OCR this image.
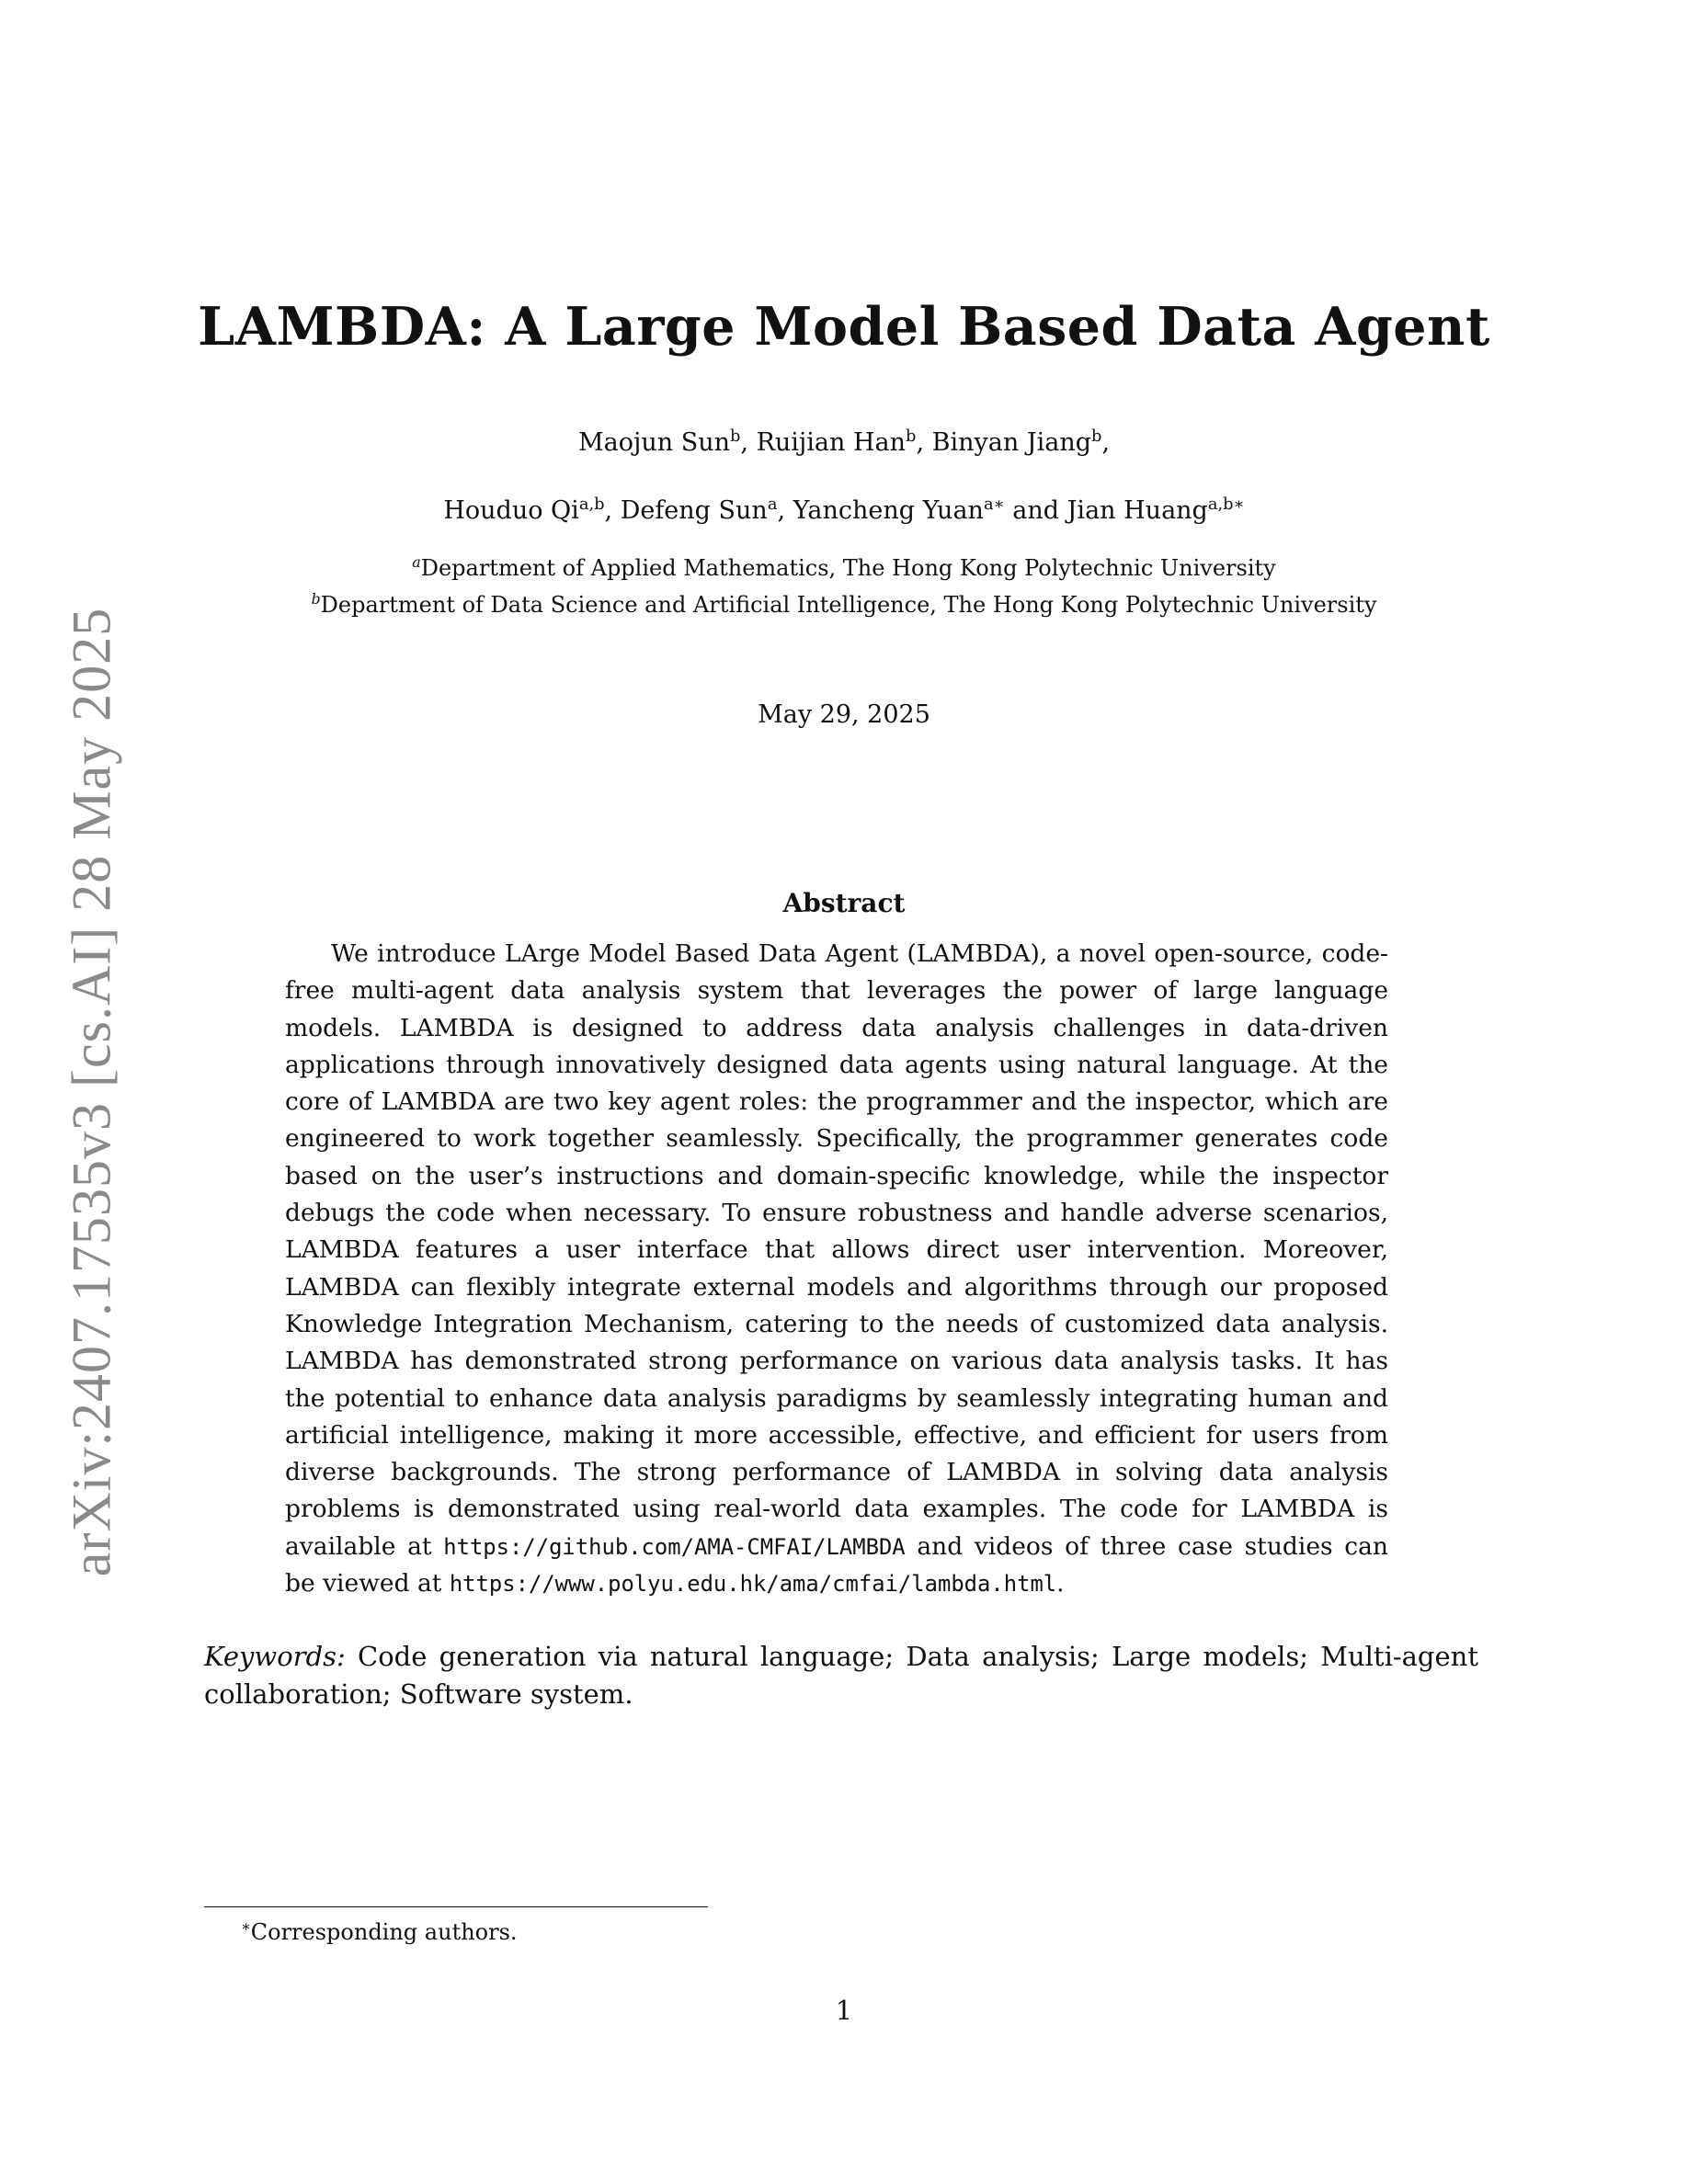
arXiv:2407.17535v3 [cs.AI] 28 May 2025
LAMBDA: A Large Model Based Data Agent
Maojun Sun$^b$, Ruijian Han$^b$, Binyan Jiang$^b$,
Houduo Qi$^{a,b}$, Defeng Sun$^a$, Yancheng Yuan$^{a∗}$ and Jian Huang$^{a,b∗}$
$^a$Department of Applied Mathematics, The Hong Kong Polytechnic University
$^b$Department of Data Science and Artificial Intelligence, The Hong Kong Polytechnic University
May 29, 2025
Abstract
We introduce LArge Model Based Data Agent (LAMBDA), a novel open-source, code-free multi-agent data analysis system that leverages the power of large language models. LAMBDA is designed to address data analysis challenges in data-driven applications through innovatively designed data agents using natural language. At the core of LAMBDA are two key agent roles: the programmer and the inspector, which are engineered to work together seamlessly. Specifically, the programmer generates code based on the user’s instructions and domain-specific knowledge, while the inspector debugs the code when necessary. To ensure robustness and handle adverse scenarios, LAMBDA features a user interface that allows direct user intervention. Moreover, LAMBDA can flexibly integrate external models and algorithms through our proposed Knowledge Integration Mechanism, catering to the needs of customized data analysis. LAMBDA has demonstrated strong performance on various data analysis tasks. It has the potential to enhance data analysis paradigms by seamlessly integrating human and artificial intelligence, making it more accessible, effective, and efficient for users from diverse backgrounds. The strong performance of LAMBDA in solving data analysis problems is demonstrated using real-world data examples. The code for LAMBDA is available at https://github.com/AMA-CMFAI/LAMBDA and videos of three case studies can be viewed at https://www.polyu.edu.hk/ama/cmfai/lambda.html.
Keywords: Code generation via natural language; Data analysis; Large models; Multi-agent collaboration; Software system.
∗Corresponding authors.
1
